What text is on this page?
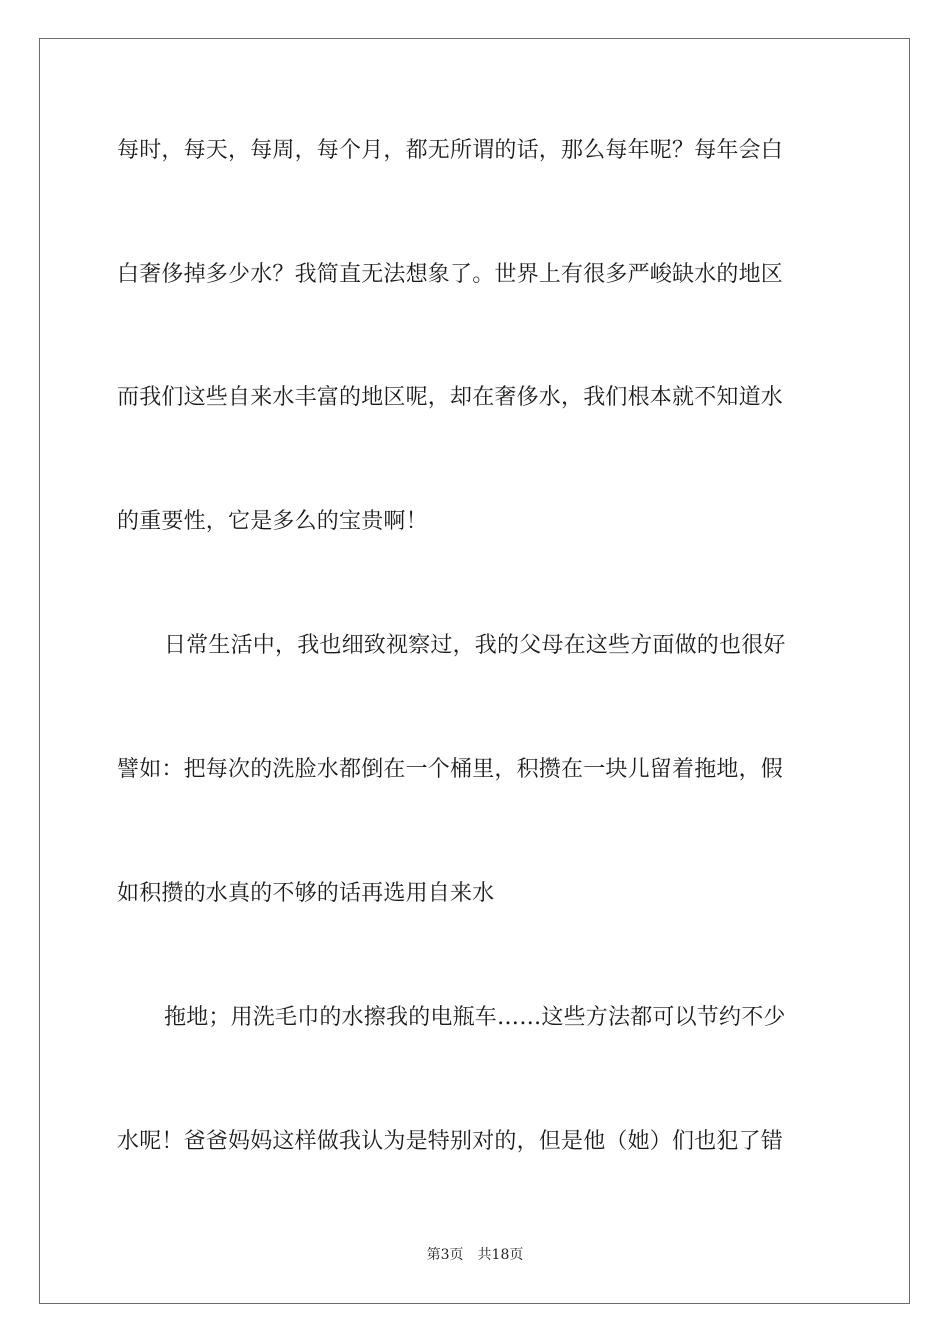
每时，每天，每周，每个月，都无所谓的话，那么每年呢？每年会白
白奢侈掉多少水？我简直无法想象了。世界上有很多严峻缺水的地区
而我们这些自来水丰富的地区呢，却在奢侈水，我们根本就不知道水
的重要性，它是多么的宝贵啊！
日常生活中，我也细致视察过，我的父母在这些方面做的也很好
譬如：把每次的洗脸水都倒在一个桶里，积攒在一块儿留着拖地，假
如积攒的水真的不够的话再选用自来水
拖地；用洗毛巾的水擦我的电瓶车……这些方法都可以节约不少
水呢！爸爸妈妈这样做我认为是特别对的，但是他（她）们也犯了错
第3页 共18页
